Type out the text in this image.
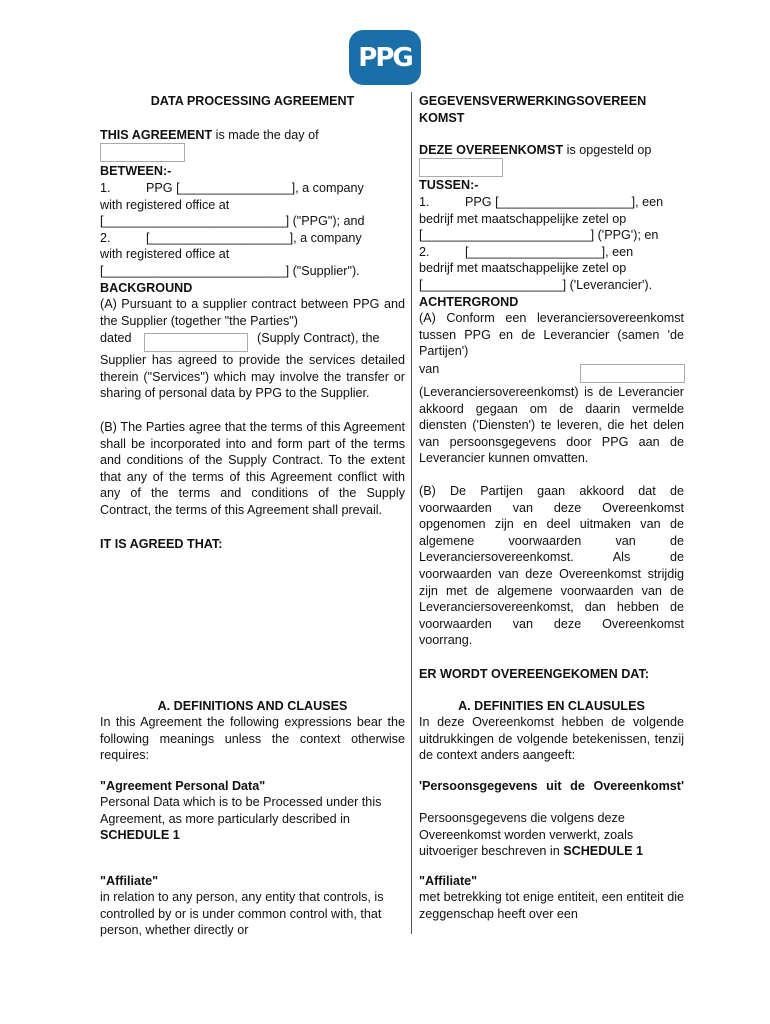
PPG
DATA PROCESSING AGREEMENT
THIS AGREEMENT is made the day of
BETWEEN:-

1.	PPG [________________], a company

with registered office at

[__________________________] ("PPG"); and

2.	[____________________], a company

with registered office at

[__________________________] ("Supplier").

BACKGROUND
(A) Pursuant to a supplier contract between PPG and the Supplier (together "the Parties")
dated	(Supply Contract), the
Supplier has agreed to provide the services detailed therein ("Services") which may involve the transfer or sharing of personal data by PPG to the Supplier.
(B) The Parties agree that the terms of this Agreement shall be incorporated into and form part of the terms and conditions of the Supply Contract. To the extent that any of the terms of this Agreement conflict with any of the terms and conditions of the Supply Contract, the terms of this Agreement shall prevail.
IT IS AGREED THAT:
A. DEFINITIONS AND CLAUSES
In this Agreement the following expressions bear the following meanings unless the context otherwise requires:
"Agreement Personal Data"
Personal Data which is to be Processed under this Agreement, as more particularly described in SCHEDULE 1
"Affiliate"
in relation to any person, any entity that controls, is controlled by or is under common control with, that person, whether directly or
GEGEVENSVERWERKINGSOVEREEN KOMST
DEZE OVEREENKOMST is opgesteld op
TUSSEN:-

1.	PPG [___________________], een

bedrijf met maatschappelijke zetel op

[________________________] ('PPG'); en

2.	[___________________], een

bedrijf met maatschappelijke zetel op

[____________________] ('Leverancier').

ACHTERGROND
(A) Conform een leveranciersovereenkomst tussen PPG en de Leverancier (samen 'de Partijen')
van
(Leveranciersovereenkomst) is de Leverancier akkoord gegaan om de daarin vermelde diensten ('Diensten') te leveren, die het delen van persoonsgegevens door PPG aan de Leverancier kunnen omvatten.
(B) De Partijen gaan akkoord dat de voorwaarden van deze Overeenkomst opgenomen zijn en deel uitmaken van de algemene voorwaarden van de Leveranciersovereenkomst. Als de voorwaarden van deze Overeenkomst strijdig zijn met de algemene voorwaarden van de Leveranciersovereenkomst, dan hebben de voorwaarden van deze Overeenkomst voorrang.
ER WORDT OVEREENGEKOMEN DAT:
A. DEFINITIES EN CLAUSULES
In deze Overeenkomst hebben de volgende uitdrukkingen de volgende betekenissen, tenzij de context anders aangeeft:
'Persoonsgegevens uit de Overeenkomst'
Persoonsgegevens die volgens deze Overeenkomst worden verwerkt, zoals uitvoeriger beschreven in SCHEDULE 1
"Affiliate"
met betrekking tot enige entiteit, een entiteit die zeggenschap heeft over een
